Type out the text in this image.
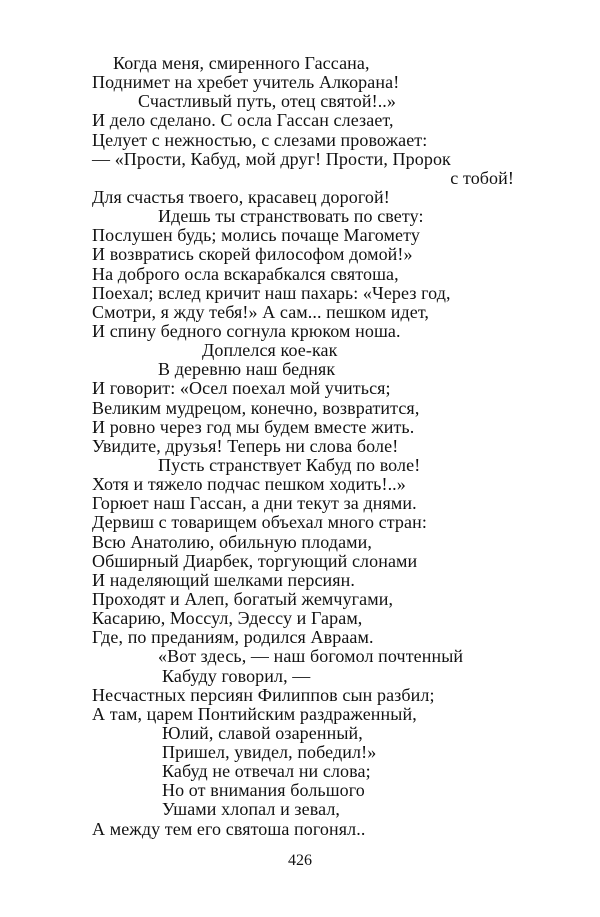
Когда меня, смиренного Гассана,
Поднимет на хребет учитель Алкорана!
Счастливый путь, отец святой!..»
И дело сделано. С осла Гассан слезает,
Целует с нежностью, с слезами провожает:
— «Прости, Кабуд, мой друг! Прости, Пророк
с тобой!
Для счастья твоего, красавец дорогой!
Идешь ты странствовать по свету:
Послушен будь; молись почаще Магомету
И возвратись скорей философом домой!»
На доброго осла вскарабкался святоша,
Поехал; вслед кричит наш пахарь: «Через год,
Смотри, я жду тебя!» А сам... пешком идет,
И спину бедного согнула крюком ноша.
Доплелся кое-как
В деревню наш бедняк
И говорит: «Осел поехал мой учиться;
Великим мудрецом, конечно, возвратится,
И ровно через год мы будем вместе жить.
Увидите, друзья! Теперь ни слова боле!
Пусть странствует Кабуд по воле!
Хотя и тяжело подчас пешком ходить!..»
Горюет наш Гассан, а дни текут за днями.
Дервиш с товарищем объехал много стран:
Всю Анатолию, обильную плодами,
Обширный Диарбек, торгующий слонами
И наделяющий шелками персиян.
Проходят и Алеп, богатый жемчугами,
Касарию, Моссул, Эдессу и Гарам,
Где, по преданиям, родился Авраам.
«Вот здесь, — наш богомол почтенный
Кабуду говорил, —
Несчастных персиян Филиппов сын разбил;
А там, царем Понтийским раздраженный,
Юлий, славой озаренный,
Пришел, увидел, победил!»
Кабуд не отвечал ни слова;
Но от внимания большого
Ушами хлопал и зевал,
А между тем его святоша погонял..
426
